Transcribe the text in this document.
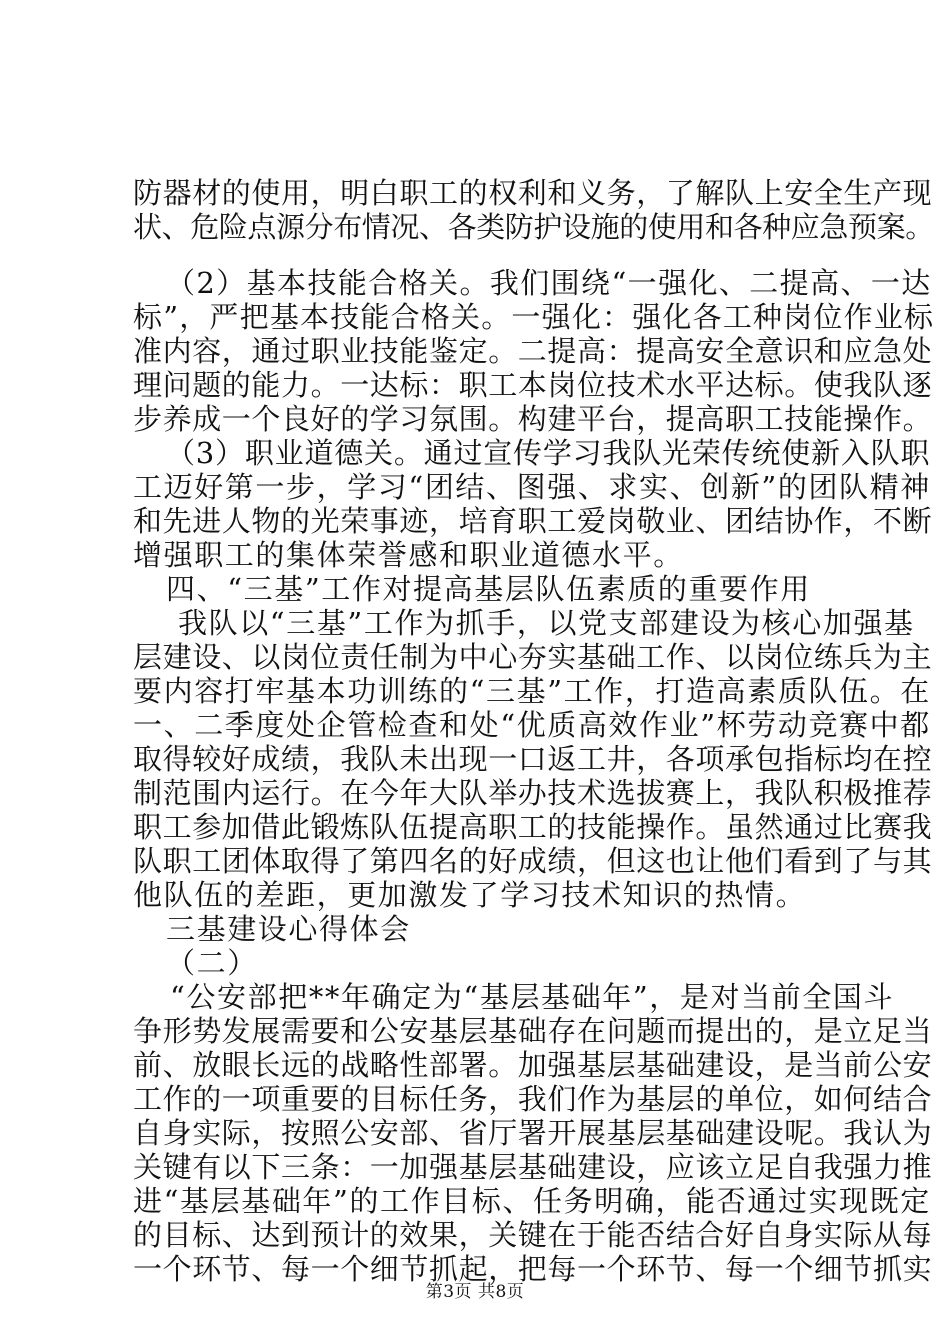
防器材的使用，明白职工的权利和义务，了解队上安全生产现
状、危险点源分布情况、各类防护设施的使用和各种应急预案。
（2）基本技能合格关。我们围绕“一强化、二提高、一达
标”，严把基本技能合格关。一强化：强化各工种岗位作业标
准内容，通过职业技能鉴定。二提高：提高安全意识和应急处
理问题的能力。一达标：职工本岗位技术水平达标。使我队逐
步养成一个良好的学习氛围。构建平台，提高职工技能操作。
（3）职业道德关。通过宣传学习我队光荣传统使新入队职
工迈好第一步，学习“团结、图强、求实、创新”的团队精神
和先进人物的光荣事迹，培育职工爱岗敬业、团结协作，不断
增强职工的集体荣誉感和职业道德水平。
四、“三基”工作对提高基层队伍素质的重要作用
我队以“三基”工作为抓手，以党支部建设为核心加强基
层建设、以岗位责任制为中心夯实基础工作、以岗位练兵为主
要内容打牢基本功训练的“三基”工作，打造高素质队伍。在
一、二季度处企管检查和处“优质高效作业”杯劳动竞赛中都
取得较好成绩，我队未出现一口返工井，各项承包指标均在控
制范围内运行。在今年大队举办技术选拔赛上，我队积极推荐
职工参加借此锻炼队伍提高职工的技能操作。虽然通过比赛我
队职工团体取得了第四名的好成绩，但这也让他们看到了与其
他队伍的差距，更加激发了学习技术知识的热情。
三基建设心得体会
（二）
“公安部把**年确定为“基层基础年”，是对当前全国斗
争形势发展需要和公安基层基础存在问题而提出的，是立足当
前、放眼长远的战略性部署。加强基层基础建设，是当前公安
工作的一项重要的目标任务，我们作为基层的单位，如何结合
自身实际，按照公安部、省厅署开展基层基础建设呢。我认为
关键有以下三条：一加强基层基础建设，应该立足自我强力推
进“基层基础年”的工作目标、任务明确，能否通过实现既定
的目标、达到预计的效果，关键在于能否结合好自身实际从每
一个环节、每一个细节抓起，把每一个环节、每一个细节抓实
第3页 共8页
